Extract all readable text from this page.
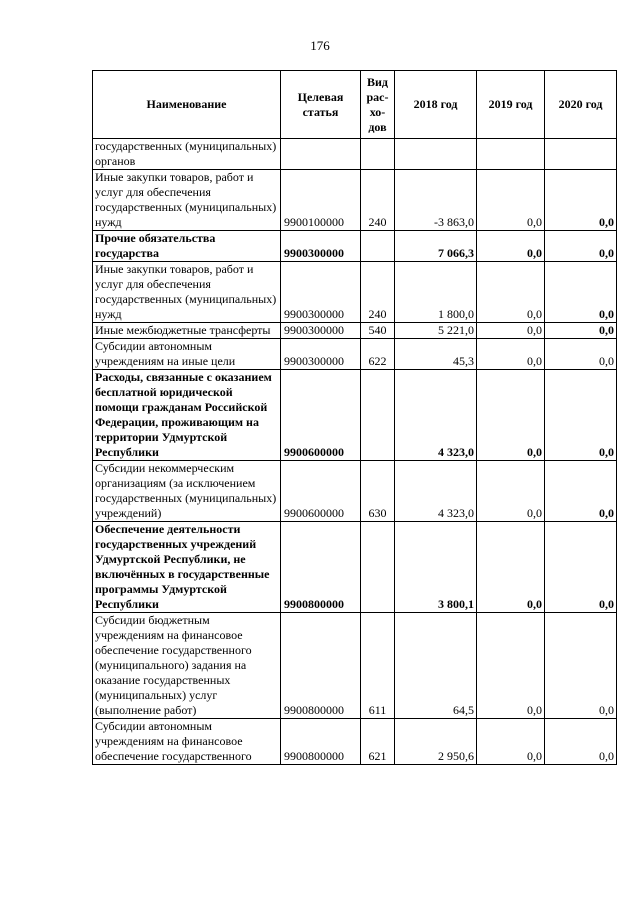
176
Наименование	Целевая статья	Вид рас-хо-дов	2018 год	2019 год	2020 год
государственных (муниципальных) органов					
Иные закупки товаров, работ и услуг для обеспечения государственных (муниципальных) нужд	9900100000	240	-3 863,0	0,0	0,0
Прочие обязательства государства	9900300000		7 066,3	0,0	0,0
Иные закупки товаров, работ и услуг для обеспечения государственных (муниципальных) нужд	9900300000	240	1 800,0	0,0	0,0
Иные межбюджетные трансферты	9900300000	540	5 221,0	0,0	0,0
Субсидии автономным учреждениям на иные цели	9900300000	622	45,3	0,0	0,0
Расходы, связанные с оказанием бесплатной юридической помощи гражданам Российской Федерации, проживающим на территории Удмуртской Республики	9900600000		4 323,0	0,0	0,0
Субсидии некоммерческим организациям (за исключением государственных (муниципальных) учреждений)	9900600000	630	4 323,0	0,0	0,0
Обеспечение деятельности государственных учреждений Удмуртской Республики, не включённых в государственные программы Удмуртской Республики	9900800000		3 800,1	0,0	0,0
Субсидии бюджетным учреждениям на финансовое обеспечение государственного (муниципального) задания на оказание государственных (муниципальных) услуг (выполнение работ)	9900800000	611	64,5	0,0	0,0
Субсидии автономным учреждениям на финансовое обеспечение государственного	9900800000	621	2 950,6	0,0	0,0
